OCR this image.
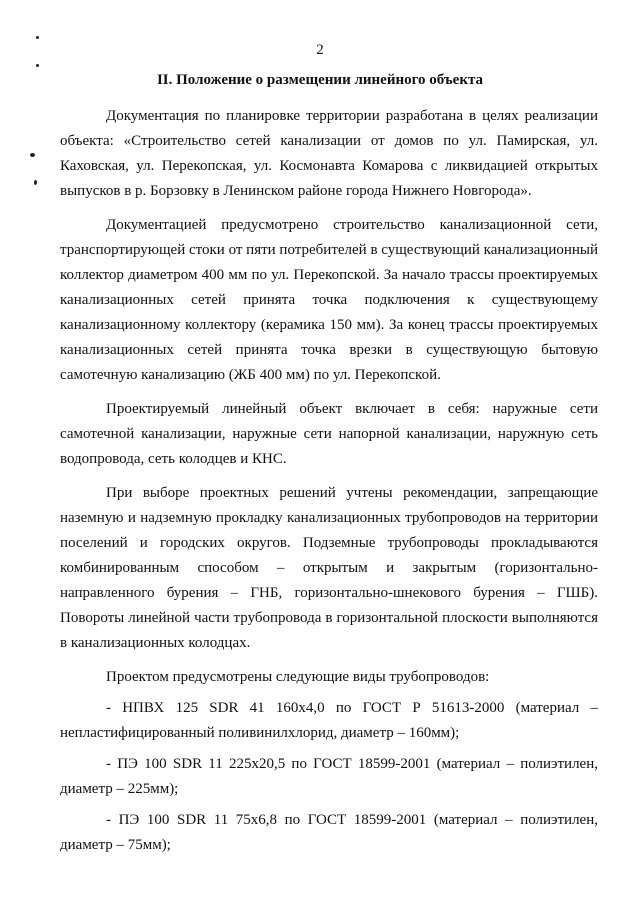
2
II. Положение о размещении линейного объекта

Документация по планировке территории разработана в целях реализации объекта: «Строительство сетей канализации от домов по ул. Памирская, ул. Каховская, ул. Перекопская, ул. Космонавта Комарова с ликвидацией открытых выпусков в р. Борзовку в Ленинском районе города Нижнего Новгорода».

Документацией предусмотрено строительство канализационной сети, транспортирующей стоки от пяти потребителей в существующий канализационный коллектор диаметром 400 мм по ул. Перекопской. За начало трассы проектируемых канализационных сетей принята точка подключения к существующему канализационному коллектору (керамика 150 мм). За конец трассы проектируемых канализационных сетей принята точка врезки в существующую бытовую самотечную канализацию (ЖБ 400 мм) по ул. Перекопской.

Проектируемый линейный объект включает в себя: наружные сети самотечной канализации, наружные сети напорной канализации, наружную сеть водопровода, сеть колодцев и КНС.

При выборе проектных решений учтены рекомендации, запрещающие наземную и надземную прокладку канализационных трубопроводов на территории поселений и городских округов. Подземные трубопроводы прокладываются комбинированным способом – открытым и закрытым (горизонтально-направленного бурения – ГНБ, горизонтально-шнекового бурения – ГШБ). Повороты линейной части трубопровода в горизонтальной плоскости выполняются в канализационных колодцах.

Проектом предусмотрены следующие виды трубопроводов:

- НПВХ 125 SDR 41 160x4,0 по ГОСТ Р 51613-2000 (материал – непластифицированный поливинилхлорид, диаметр – 160мм);

- ПЭ 100 SDR 11 225x20,5 по ГОСТ 18599-2001 (материал – полиэтилен, диаметр – 225мм);

- ПЭ 100 SDR 11 75x6,8 по ГОСТ 18599-2001 (материал – полиэтилен, диаметр – 75мм);
